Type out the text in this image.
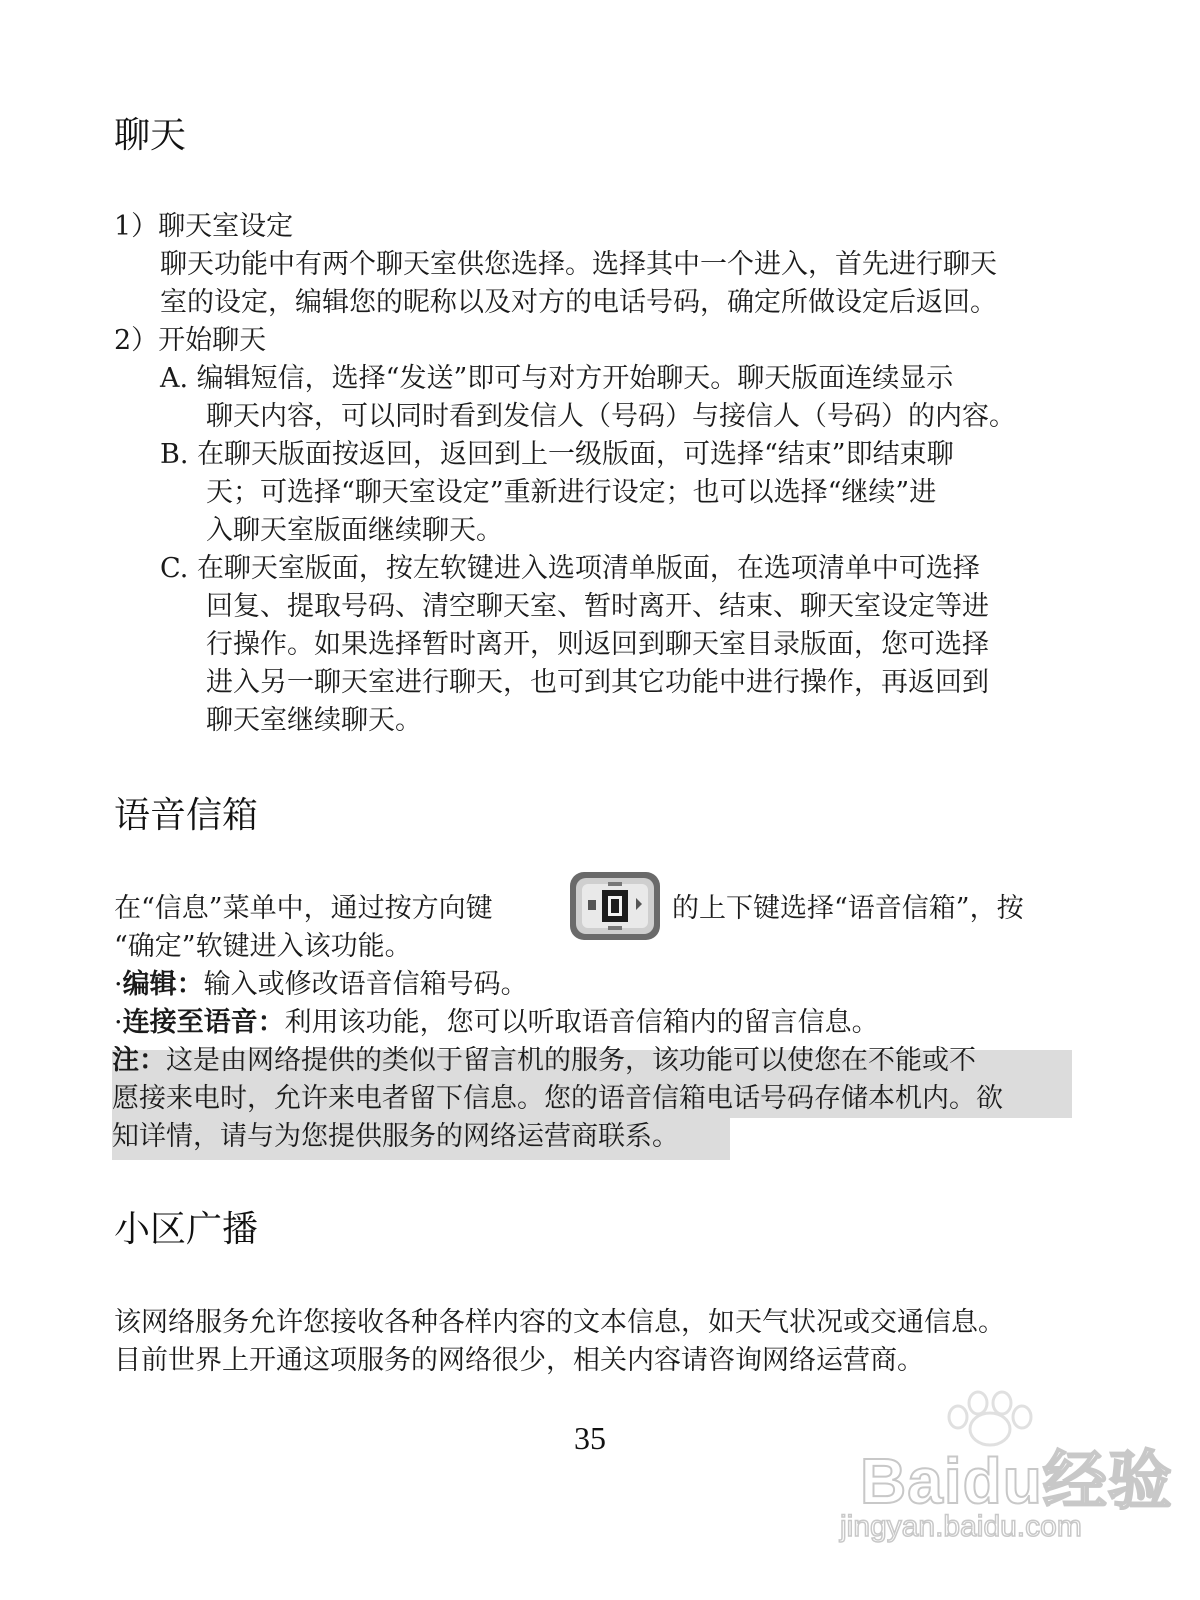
聊天
1）聊天室设定
聊天功能中有两个聊天室供您选择。选择其中一个进入，首先进行聊天
室的设定，编辑您的昵称以及对方的电话号码，确定所做设定后返回。
2）开始聊天
A. 编辑短信，选择“发送”即可与对方开始聊天。聊天版面连续显示
聊天内容，可以同时看到发信人（号码）与接信人（号码）的内容。
B. 在聊天版面按返回，返回到上一级版面，可选择“结束”即结束聊
天；可选择“聊天室设定”重新进行设定；也可以选择“继续”进
入聊天室版面继续聊天。
C. 在聊天室版面，按左软键进入选项清单版面，在选项清单中可选择
回复、提取号码、清空聊天室、暂时离开、结束、聊天室设定等进
行操作。如果选择暂时离开，则返回到聊天室目录版面，您可选择
进入另一聊天室进行聊天，也可到其它功能中进行操作，再返回到
聊天室继续聊天。
语音信箱
在“信息”菜单中，通过按方向键	的上下键选择“语音信箱”，按
“确定”软键进入该功能。
·编辑：输入或修改语音信箱号码。
·连接至语音：利用该功能，您可以听取语音信箱内的留言信息。
注：这是由网络提供的类似于留言机的服务，该功能可以使您在不能或不
愿接来电时，允许来电者留下信息。您的语音信箱电话号码存储本机内。欲
知详情，请与为您提供服务的网络运营商联系。
小区广播
该网络服务允许您接收各种各样内容的文本信息，如天气状况或交通信息。
目前世界上开通这项服务的网络很少，相关内容请咨询网络运营商。
35
Baidu经验
jingyan.baidu.com
